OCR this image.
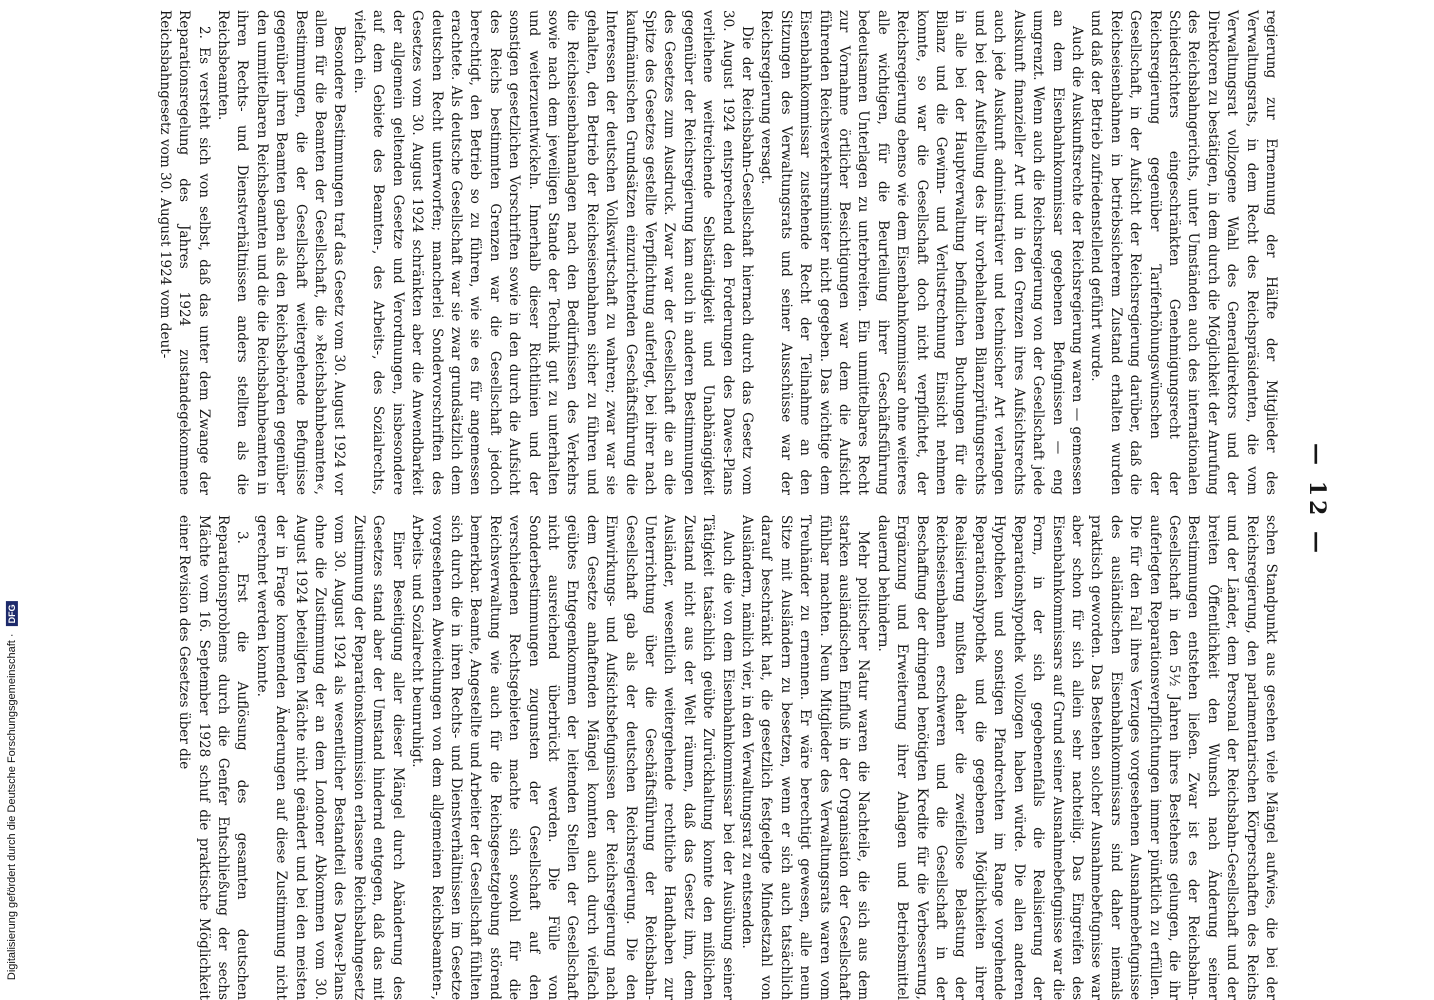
— 12 —

regierung zur Ernennung der Hälfte der Mitglieder des Verwaltungsrats, in dem Recht des Reichspräsidenten, die vom Verwaltungsrat vollzogene Wahl des Generaldirektors und der Direktoren zu bestätigen, in dem durch die Möglichkeit der Anrufung des Reichsbahngerichts, unter Umständen auch des internationalen Schiedsrichters eingeschränkten Genehmigungsrecht der Reichsregierung gegenüber Tariferhöhungswünschen der Gesellschaft, in der Aufsicht der Reichsregierung darüber, daß die Reichseisenbahnen in betriebssicherem Zustand erhalten wurden und daß der Betrieb zufriedenstellend geführt wurde.

Auch die Auskunftsrechte der Reichsregierung waren — gemessen an dem Eisenbahnkommissar gegebenen Befugnissen — eng umgrenzt. Wenn auch die Reichsregierung von der Gesellschaft jede Auskunft finanzieller Art und in den Grenzen ihres Aufsichtsrechts auch jede Auskunft administrativer und technischer Art verlangen und bei der Aufstellung des ihr vorbehaltenen Bilanzprüfungsrechts in alle bei der Hauptverwaltung befindlichen Buchungen für die Bilanz und die Gewinn- und Verlustrechnung Einsicht nehmen konnte, so war die Gesellschaft doch nicht verpflichtet, der Reichsregierung ebenso wie dem Eisenbahnkommissar ohne weiteres alle wichtigen, für die Beurteilung ihrer Geschäftsführung bedeutsamen Unterlagen zu unterbreiten. Ein unmittelbares Recht zur Vornahme örtlicher Besichtigungen war dem die Aufsicht führenden Reichsverkehrsminister nicht gegeben. Das wichtige dem Eisenbahnkommissar zustehende Recht der Teilnahme an den Sitzungen des Verwaltungsrats und seiner Ausschüsse war der Reichsregierung versagt.

Die der Reichsbahn-Gesellschaft hiernach durch das Gesetz vom 30. August 1924 entsprechend den Forderungen des Dawes-Plans verliehene weitreichende Selbständigkeit und Unabhängigkeit gegenüber der Reichsregierung kam auch in anderen Bestimmungen des Gesetzes zum Ausdruck. Zwar war der Gesellschaft die an die Spitze des Gesetzes gestellte Verpflichtung auferlegt, bei ihrer nach kaufmännischen Grundsätzen einzurichtenden Geschäftsführung die Interessen der deutschen Volkswirtschaft zu wahren; zwar war sie gehalten, den Betrieb der Reichseisenbahnen sicher zu führen und die Reichseisenbahnanlagen nach den Bedürfnissen des Verkehrs sowie nach dem jeweiligen Stande der Technik gut zu unterhalten und weiterzuentwickeln. Innerhalb dieser Richtlinien und der sonstigen gesetzlichen Vorschriften sowie in den durch die Aufsicht des Reichs bestimmten Grenzen war die Gesellschaft jedoch berechtigt, den Betrieb so zu führen, wie sie es für angemessen erachtete. Als deutsche Gesellschaft war sie zwar grundsätzlich dem deutschen Recht unterworfen; mancherlei Sondervorschriften des Gesetzes vom 30. August 1924 schränkten aber die Anwendbarkeit der allgemein geltenden Gesetze und Verordnungen, insbesondere auf dem Gebiete des Beamten-, des Arbeits-, des Sozialrechts, vielfach ein.

Besondere Bestimmungen traf das Gesetz vom 30. August 1924 vor allem für die Beamten der Gesellschaft, die »Reichsbahnbeamten«, Bestimmungen, die der Gesellschaft weitergehende Befugnisse gegenüber ihren Beamten gaben als den Reichsbehörden gegenüber den unmittelbaren Reichsbeamten und die die Reichsbahnbeamten in ihren Rechts- und Dienstverhältnissen anders stellten als die Reichsbeamten.

2. Es versteht sich von selbst, daß das unter dem Zwange der Reparationsregelung des Jahres 1924 zustandegekommene Reichsbahngesetz vom 30. August 1924 vom deut-

schen Standpunkt aus gesehen viele Mängel aufwies, die bei der Reichsregierung, den parlamentarischen Körperschaften des Reichs und der Länder, dem Personal der Reichsbahn-Gesellschaft und der breiten Öffentlichkeit den Wunsch nach Änderung seiner Bestimmungen entstehen ließen. Zwar ist es der Reichsbahn-Gesellschaft in den 5½ Jahren ihres Bestehens gelungen, die ihr auferlegten Reparationsverpflichtungen immer pünktlich zu erfüllen. Die für den Fall ihres Verzuges vorgesehenen Ausnahmebefugnisse des ausländischen Eisenbahnkommissars sind daher niemals praktisch geworden. Das Bestehen solcher Ausnahmebefugnisse war aber schon für sich allein sehr nachteilig. Das Eingreifen des Eisenbahnkommissars auf Grund seiner Ausnahmebefugnisse war die Form, in der sich gegebenenfalls die Realisierung der Reparationshypothek vollzogen haben würde. Die allen anderen Hypotheken und sonstigen Pfandrechten im Range vorgehende Reparationshypothek und die gegebenen Möglichkeiten ihrer Realisierung mußten daher die zweifellose Belastung der Reichseisenbahnen erschweren und die Gesellschaft in der Beschaffung der dringend benötigten Kredite für die Verbesserung, Ergänzung und Erweiterung ihrer Anlagen und Betriebsmittel dauernd behindern.

Mehr politischer Natur waren die Nachteile, die sich aus dem starken ausländischen Einfluß in der Organisation der Gesellschaft fühlbar machten. Neun Mitglieder des Verwaltungsrats waren vom Treuhänder zu ernennen. Er wäre berechtigt gewesen, alle neun Sitze mit Ausländern zu besetzen, wenn er sich auch tatsächlich darauf beschränkt hat, die gesetzlich festgelegte Mindestzahl von Ausländern, nämlich vier, in den Verwaltungsrat zu entsenden.

Auch die von dem Eisenbahnkommissar bei der Ausübung seiner Tätigkeit tatsächlich geübte Zurückhaltung konnte den mißlichen Zustand nicht aus der Welt räumen, daß das Gesetz ihm, dem Ausländer, wesentlich weitergehende rechtliche Handhaben zur Unterrichtung über die Geschäftsführung der Reichsbahn-Gesellschaft gab als der deutschen Reichsregierung. Die den Einwirkungs- und Aufsichtsbefugnissen der Reichsregierung nach dem Gesetze anhaftenden Mängel konnten auch durch vielfach geübtes Entgegenkommen der leitenden Stellen der Gesellschaft nicht ausreichend überbrückt werden. Die Fülle von Sonderbestimmungen zugunsten der Gesellschaft auf den verschiedenen Rechtsgebieten machte sich sowohl für die Reichsverwaltung wie auch für die Reichsgesetzgebung störend bemerkbar. Beamte, Angestellte und Arbeiter der Gesellschaft fühlten sich durch die in ihren Rechts- und Dienstverhältnissen im Gesetze vorgesehenen Abweichungen von dem allgemeinen Reichsbeamten-, Arbeits- und Sozialrecht beunruhigt.

Einer Beseitigung aller dieser Mängel durch Abänderung des Gesetzes stand aber der Umstand hindernd entgegen, daß das mit Zustimmung der Reparationskommission erlassene Reichsbahngesetz vom 30. August 1924 als wesentlicher Bestandteil des Dawes-Plans ohne die Zustimmung der an dem Londoner Abkommen vom 30. August 1924 beteiligten Mächte nicht geändert und bei den meisten der in Frage kommenden Änderungen auf diese Zustimmung nicht gerechnet werden konnte.

3. Erst die Auflösung des gesamten deutschen Reparationsproblems durch die Genfer Entschließung der sechs Mächte vom 16. September 1928 schuf die praktische Möglichkeit einer Revision des Gesetzes über die

Digitalisierung gefördert durch die Deutsche Forschungsgemeinschaft · DFG
